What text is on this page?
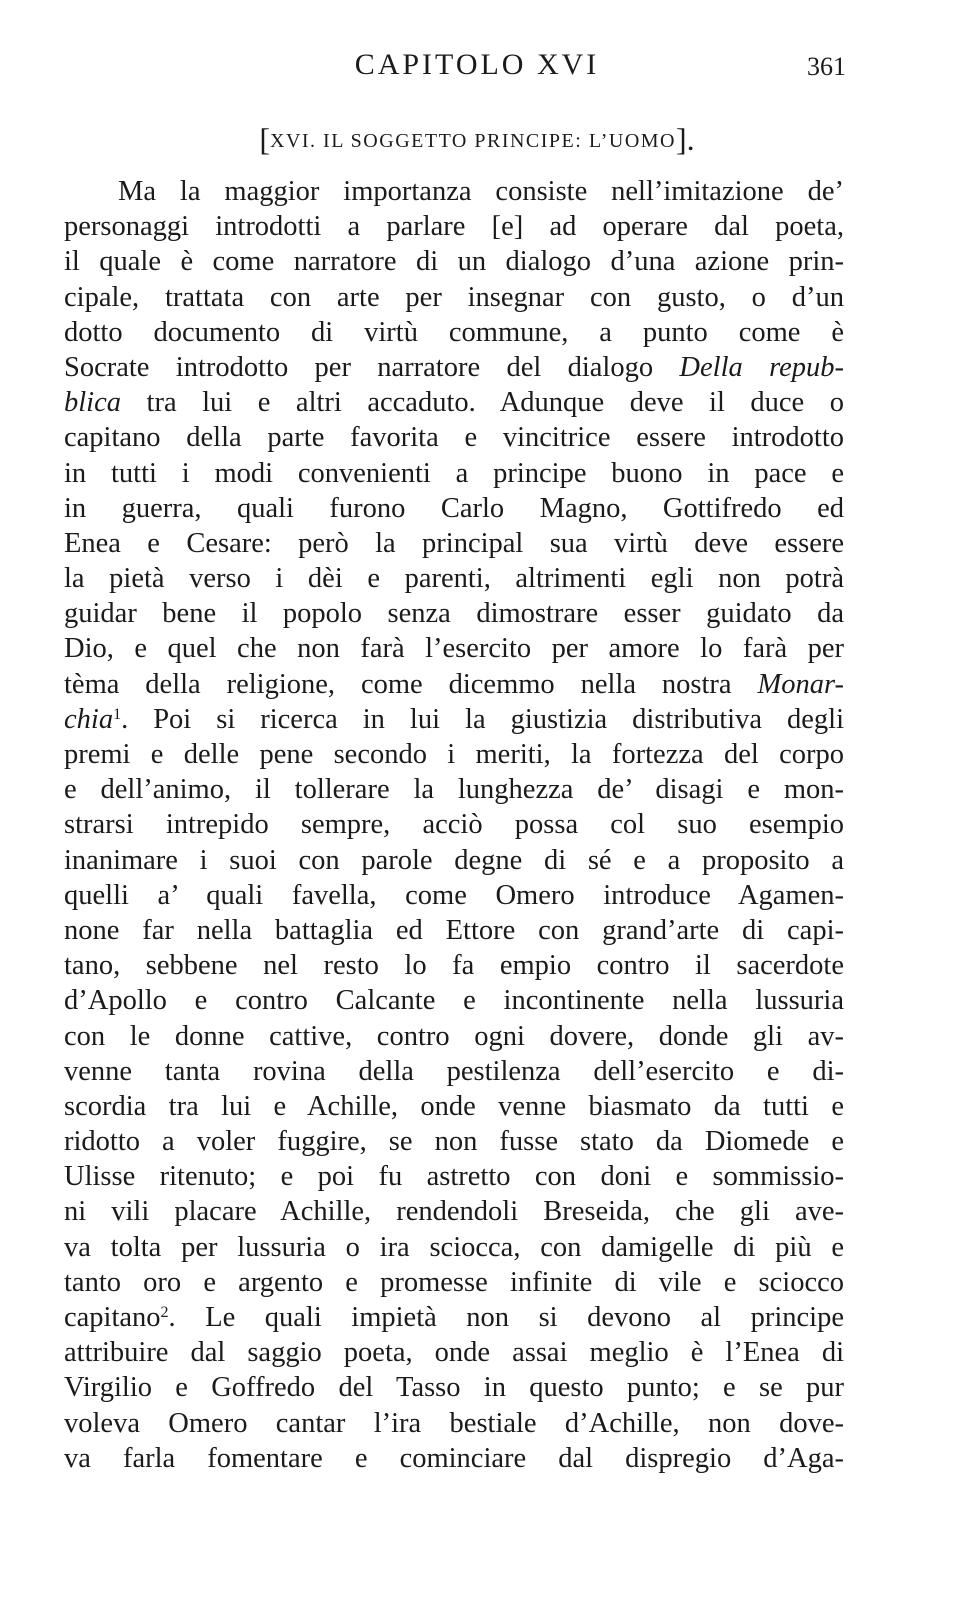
CAPITOLO XVI	361
[XVI. IL SOGGETTO PRINCIPE: L’UOMO].
Ma la maggior importanza consiste nell’imitazione de’
personaggi introdotti a parlare [e] ad operare dal poeta,
il quale è come narratore di un dialogo d’una azione prin-
cipale, trattata con arte per insegnar con gusto, o d’un
dotto documento di virtù commune, a punto come è
Socrate introdotto per narratore del dialogo Della repub-
blica tra lui e altri accaduto. Adunque deve il duce o
capitano della parte favorita e vincitrice essere introdotto
in tutti i modi convenienti a principe buono in pace e
in guerra, quali furono Carlo Magno, Gottifredo ed
Enea e Cesare: però la principal sua virtù deve essere
la pietà verso i dèi e parenti, altrimenti egli non potrà
guidar bene il popolo senza dimostrare esser guidato da
Dio, e quel che non farà l’esercito per amore lo farà per
tèma della religione, come dicemmo nella nostra Monar-
chia$^1$. Poi si ricerca in lui la giustizia distributiva degli
premi e delle pene secondo i meriti, la fortezza del corpo
e dell’animo, il tollerare la lunghezza de’ disagi e mon-
strarsi intrepido sempre, acciò possa col suo esempio
inanimare i suoi con parole degne di sé e a proposito a
quelli a’ quali favella, come Omero introduce Agamen-
none far nella battaglia ed Ettore con grand’arte di capi-
tano, sebbene nel resto lo fa empio contro il sacerdote
d’Apollo e contro Calcante e incontinente nella lussuria
con le donne cattive, contro ogni dovere, donde gli av-
venne tanta rovina della pestilenza dell’esercito e di-
scordia tra lui e Achille, onde venne biasmato da tutti e
ridotto a voler fuggire, se non fusse stato da Diomede e
Ulisse ritenuto; e poi fu astretto con doni e sommissio-
ni vili placare Achille, rendendoli Breseida, che gli ave-
va tolta per lussuria o ira sciocca, con damigelle di più e
tanto oro e argento e promesse infinite di vile e sciocco
capitano$^2$. Le quali impietà non si devono al principe
attribuire dal saggio poeta, onde assai meglio è l’Enea di
Virgilio e Goffredo del Tasso in questo punto; e se pur
voleva Omero cantar l’ira bestiale d’Achille, non dove-
va farla fomentare e cominciare dal dispregio d’Aga-
